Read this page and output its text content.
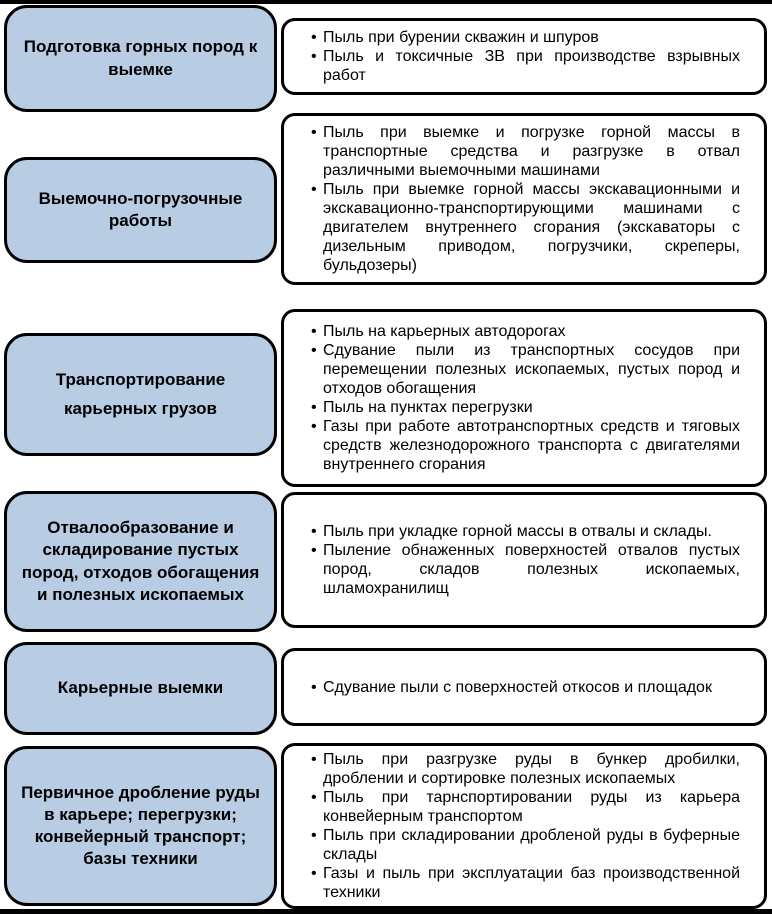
Подготовка горных пород к выемке
• Пыль при бурении скважин и шпуров
• Пыль и токсичные ЗВ при производстве взрывных работ
Выемочно-погрузочные работы
• Пыль при выемке и погрузке горной массы в транспортные средства и разгрузке в отвал различными выемочными машинами
• Пыль при выемке горной массы экскавационными и экскавационно-транспортирующими машинами с двигателем внутреннего сгорания (экскаваторы с дизельным приводом, погрузчики, скреперы, бульдозеры)
Транспортирование карьерных грузов
• Пыль на карьерных автодорогах
• Сдувание пыли из транспортных сосудов при перемещении полезных ископаемых, пустых пород и отходов обогащения
• Пыль на пунктах перегрузки
• Газы при работе автотранспортных средств и тяговых средств железнодорожного транспорта с двигателями внутреннего сгорания
Отвалообразование и складирование пустых пород, отходов обогащения и полезных ископаемых
• Пыль при укладке горной массы в отвалы и склады.
• Пыление обнаженных поверхностей отвалов пустых пород, складов полезных ископаемых, шламохранилищ
Карьерные выемки	• Сдувание пыли с поверхностей откосов и площадок
Первичное дробление руды в карьере; перегрузки; конвейерный транспорт; базы техники
• Пыль при разгрузке руды в бункер дробилки, дроблении и сортировке полезных ископаемых
• Пыль при тарнспортировании руды из карьера конвейерным транспортом
• Пыль при складировании дробленой руды в буферные склады
• Газы и пыль при эксплуатации баз производственной техники
